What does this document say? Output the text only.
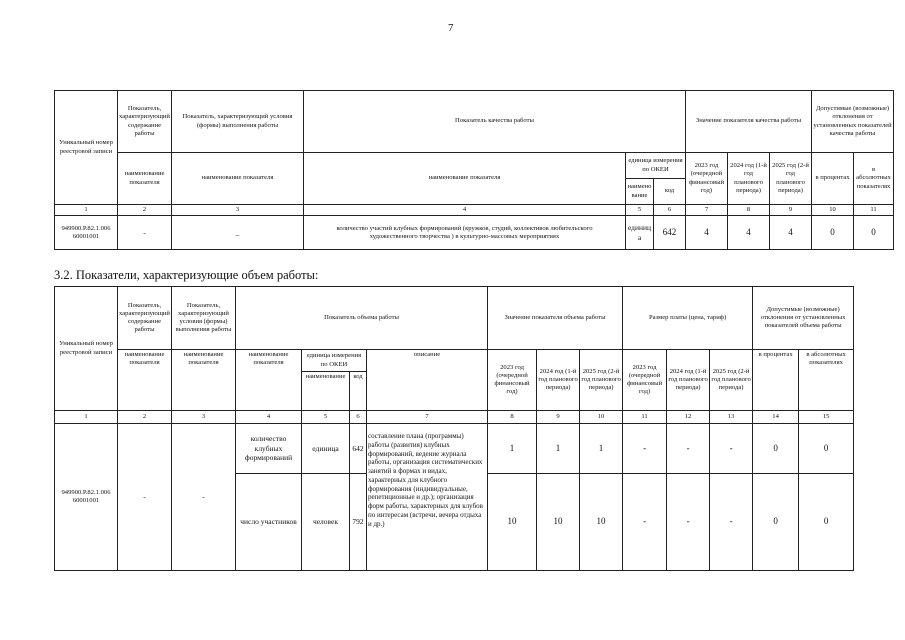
7
Уникальный номер реестровой записи	Показатель, характеризующий содержание работы	Показатель, характеризующий условия (формы) выполнения работы	Показатель качества работы			Значение показателя качества работы			Допустимые (возможные) отклонения от установленных показателей качества работы	
	наименование показателя	наименование показателя	наименование показателя	единица измерения по ОКЕИ		2023 год (очередной финансовый год)	2024 год (1-й год планового периода)	2025 год (2-й год планового периода)	в процентах	в абсолютных показателях
				наименование	код					
1	2	3	4	5	6	7	8	9	10	11
949900.Р.82.1.006 60001001	-	_	количество участий клубных формирований (кружков, студий, коллективов любительского художественного творчества ) в культурно-массовых мероприятиях	единица	642	4	4	4	0	0
3.2. Показатели, характеризующие объем работы:
Уникальный номер реестровой записи	Показатель, характеризующий содержание работы	Показатель, характеризующий условия (формы) выполнения работы	Показатель объема работы				Значение показателя объема работы			Размер платы (цена, тариф)			Допустимые (возможные) отклонения от установленных показателей объема работы	
	наименование показателя	наименование показателя	наименование показателя	единица измерения по ОКЕИ		описание	2023 год (очередной финансовый год)	2024 год (1-й год планового периода)	2025 год (2-й год планового периода)	2023 год (очередной финансовый год)	2024 год (1-й год планового периода)	2025 год (2-й год планового периода)	в процентах	в абсолютных показателях
				наименование	код									
1	2	3	4	5	6	7	8	9	10	11	12	13	14	15
949900.Р.82.1.006 60001001	-	-	количество клубных формирований	единица	642	составление плана (программы) работы (развития) клубных формирований, ведение журнала работы, организация систематических занятий в формах и видах, характерных для клубного формирования (индивидуальные, репетиционные и др.); организация форм работы, характерных для клубов по интересам (встречи, вечера отдыха и др.)	1	1	1	-	-	-	0	0
			число участников	человек	792		10	10	10	-	-	-	0	0
